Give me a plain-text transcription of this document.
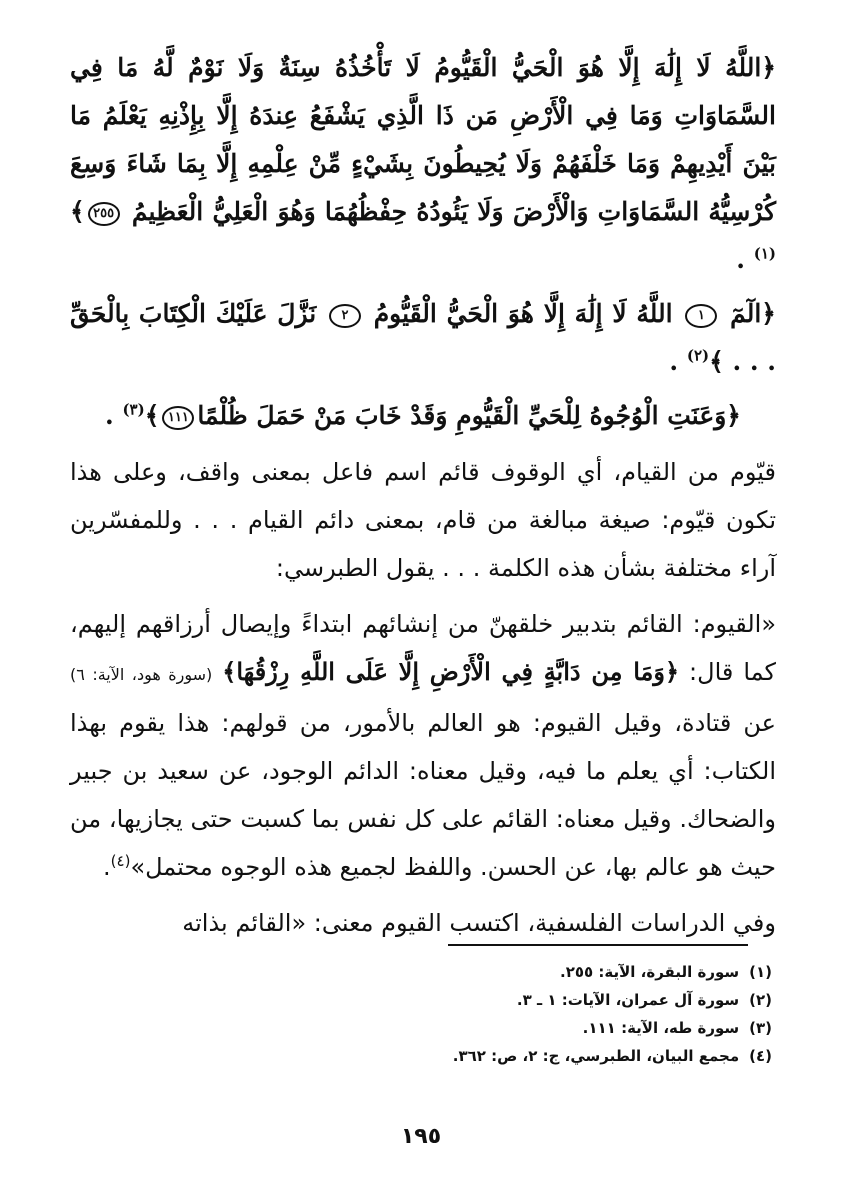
﴿اللَّهُ لَا إِلَٰهَ إِلَّا هُوَ الْحَيُّ الْقَيُّومُ لَا تَأْخُذُهُ سِنَةٌ وَلَا نَوْمٌ لَّهُ مَا فِي السَّمَاوَاتِ وَمَا فِي الْأَرْضِ مَن ذَا الَّذِي يَشْفَعُ عِندَهُ إِلَّا بِإِذْنِهِ يَعْلَمُ مَا بَيْنَ أَيْدِيهِمْ وَمَا خَلْفَهُمْ وَلَا يُحِيطُونَ بِشَيْءٍ مِّنْ عِلْمِهِ إِلَّا بِمَا شَاءَ وَسِعَ كُرْسِيُّهُ السَّمَاوَاتِ وَالْأَرْضَ وَلَا يَئُودُهُ حِفْظُهُمَا وَهُوَ الْعَلِيُّ الْعَظِيمُ ٢٥٥﴾$^{(١)}$ .

﴿الٓمٓ ١ اللَّهُ لَا إِلَٰهَ إِلَّا هُوَ الْحَيُّ الْقَيُّومُ ٢ نَزَّلَ عَلَيْكَ الْكِتَابَ بِالْحَقِّ . . . ﴾$^{(٢)}$ .

﴿وَعَنَتِ الْوُجُوهُ لِلْحَيِّ الْقَيُّومِ وَقَدْ خَابَ مَنْ حَمَلَ ظُلْمًا١١١﴾$^{(٣)}$ .

قيّوم من القيام، أي الوقوف قائم اسم فاعل بمعنى واقف، وعلى هذا تكون قيّوم: صيغة مبالغة من قام، بمعنى دائم القيام . . . وللمفسّرين آراء مختلفة بشأن هذه الكلمة . . . يقول الطبرسي:

«القيوم: القائم بتدبير خلقهنّ من إنشائهم ابتداءً وإيصال أرزاقهم إليهم، كما قال: ﴿وَمَا مِن دَابَّةٍ فِي الْأَرْضِ إِلَّا عَلَى اللَّهِ رِزْقُهَا﴾ (سورة هود، الآية: ٦) عن قتادة، وقيل القيوم: هو العالم بالأمور، من قولهم: هذا يقوم بهذا الكتاب: أي يعلم ما فيه، وقيل معناه: الدائم الوجود، عن سعيد بن جبير والضحاك. وقيل معناه: القائم على كل نفس بما كسبت حتى يجازيها، من حيث هو عالم بها، عن الحسن. واللفظ لجميع هذه الوجوه محتمل»$^{(٤)}$.

وفي الدراسات الفلسفية، اكتسب القيوم معنى: «القائم بذاته

(١)سورة البقرة، الآية: ٢٥٥.
(٢)سورة آل عمران، الآيات: ١ ـ ٣.
(٣)سورة طه، الآية: ١١١.
(٤)مجمع البيان، الطبرسي، ج: ٢، ص: ٣٦٢.
١٩٥
